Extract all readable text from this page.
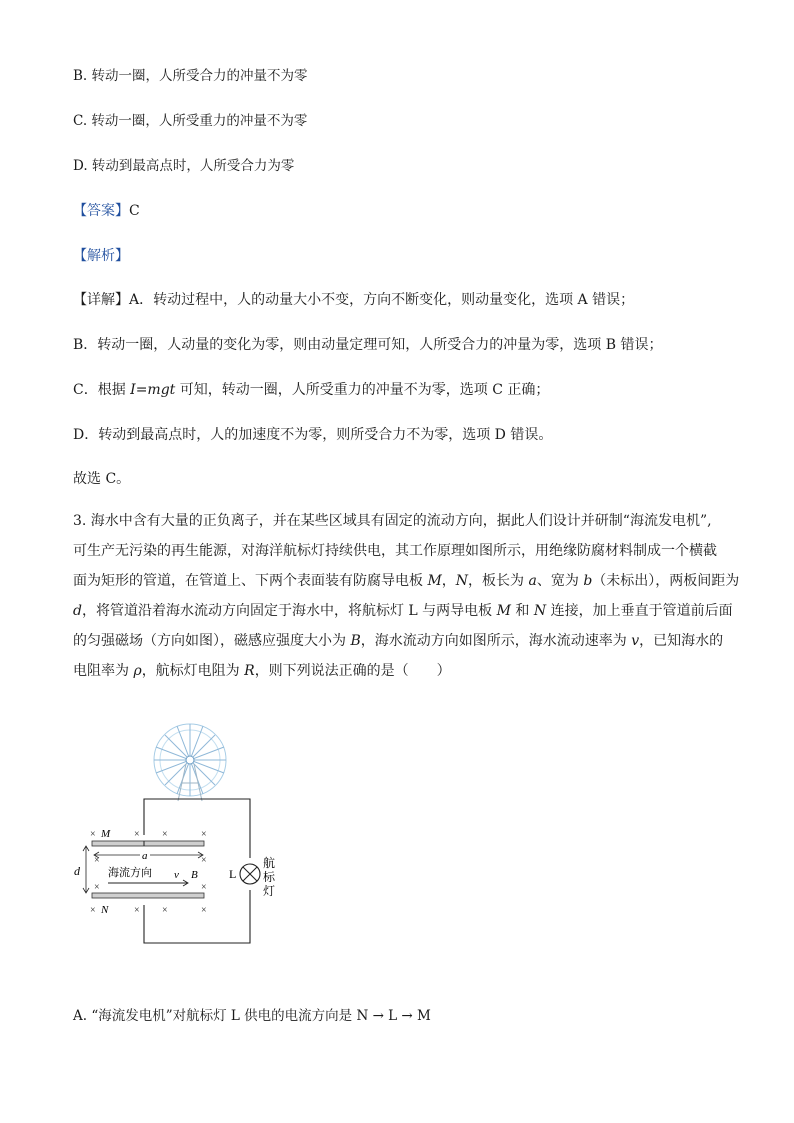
B. 转动一圈，人所受合力的冲量不为零
C. 转动一圈，人所受重力的冲量不为零
D. 转动到最高点时，人所受合力为零
【答案】C
【解析】
【详解】A．转动过程中，人的动量大小不变，方向不断变化，则动量变化，选项 A 错误；
B．转动一圈，人动量的变化为零，则由动量定理可知，人所受合力的冲量为零，选项 B 错误；
C．根据 I=mgt 可知，转动一圈，人所受重力的冲量不为零，选项 C 正确；
D．转动到最高点时，人的加速度不为零，则所受合力不为零，选项 D 错误。
故选 C。
3. 海水中含有大量的正负离子，并在某些区域具有固定的流动方向，据此人们设计并研制“海流发电机”,
可生产无污染的再生能源，对海洋航标灯持续供电，其工作原理如图所示，用绝缘防腐材料制成一个横截
面为矩形的管道，在管道上、下两个表面装有防腐导电板 M，N，板长为 a、宽为 b（未标出），两板间距为
d，将管道沿着海水流动方向固定于海水中，将航标灯 L 与两导电板 M 和 N 连接，加上垂直于管道前后面
的匀强磁场（方向如图），磁感应强度大小为 B，海水流动方向如图所示，海水流动速率为 v，已知海水的
电阻率为 ρ，航标灯电阻为 R，则下列说法正确的是（　　）
×	× ×	×
×	×
×	×
×	× ×	×
M
N
a
d	海流方向 v B	L
航
标
灯
A. “海流发电机”对航标灯 L 供电的电流方向是 N → L → M
